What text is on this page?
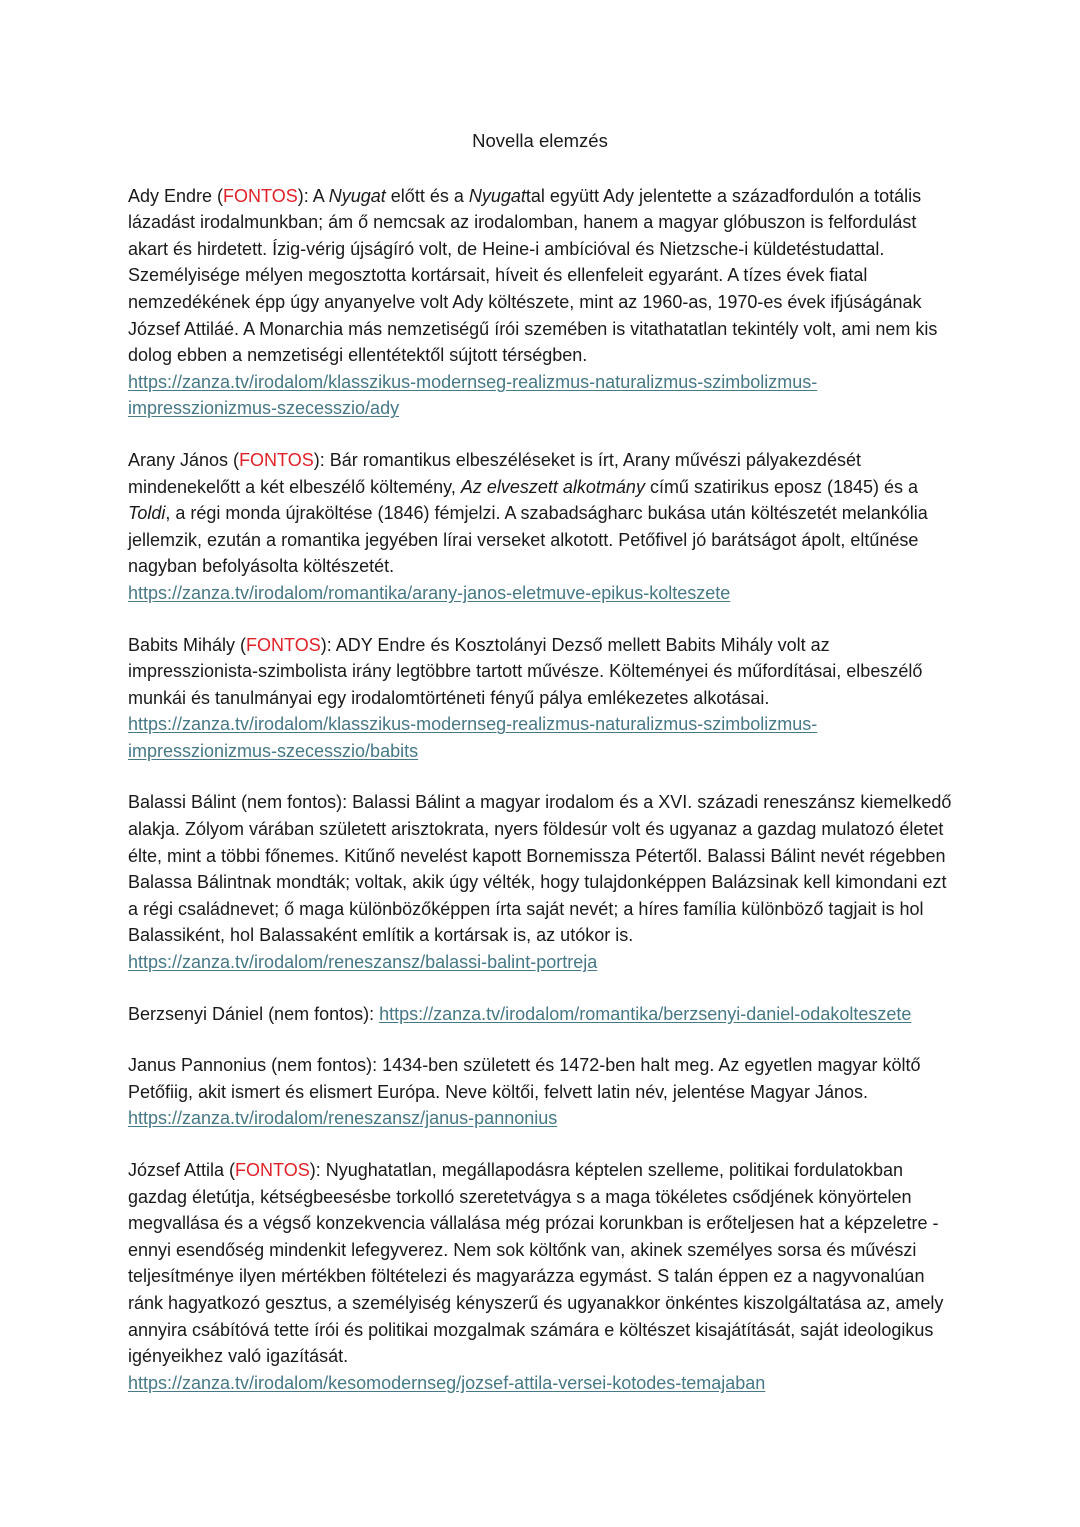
Novella elemzés

Ady Endre (FONTOS): A Nyugat előtt és a Nyugattal együtt Ady jelentette a századfordulón a totális lázadást irodalmunkban; ám ő nemcsak az irodalomban, hanem a magyar glóbuszon is felfordulást akart és hirdetett. Ízig-vérig újságíró volt, de Heine-i ambícióval és Nietzsche-i küldetéstudattal. Személyisége mélyen megosztotta kortársait, híveit és ellenfeleit egyaránt. A tízes évek fiatal nemzedékének épp úgy anyanyelve volt Ady költészete, mint az 1960-as, 1970-es évek ifjúságának József Attiláé. A Monarchia más nemzetiségű írói szemében is vitathatatlan tekintély volt, ami nem kis dolog ebben a nemzetiségi ellentétektől sújtott térségben.
https://zanza.tv/irodalom/klasszikus-modernseg-realizmus-naturalizmus-szimbolizmus-impresszionizmus-szecesszio/ady

Arany János (FONTOS): Bár romantikus elbeszéléseket is írt, Arany művészi pályakezdését mindenekelőtt a két elbeszélő költemény, Az elveszett alkotmány című szatirikus eposz (1845) és a Toldi, a régi monda újraköltése (1846) fémjelzi. A szabadságharc bukása után költészetét melankólia jellemzik, ezután a romantika jegyében lírai verseket alkotott. Petőfivel jó barátságot ápolt, eltűnése nagyban befolyásolta költészetét.
https://zanza.tv/irodalom/romantika/arany-janos-eletmuve-epikus-kolteszete

Babits Mihály (FONTOS): ADY Endre és Kosztolányi Dezső mellett Babits Mihály volt az impresszionista-szimbolista irány legtöbbre tartott művésze. Költeményei és műfordításai, elbeszélő munkái és tanulmányai egy irodalomtörténeti fényű pálya emlékezetes alkotásai.
https://zanza.tv/irodalom/klasszikus-modernseg-realizmus-naturalizmus-szimbolizmus-impresszionizmus-szecesszio/babits

Balassi Bálint (nem fontos): Balassi Bálint a magyar irodalom és a XVI. századi reneszánsz kiemelkedő alakja. Zólyom várában született arisztokrata, nyers földesúr volt és ugyanaz a gazdag mulatozó életet élte, mint a többi főnemes. Kitűnő nevelést kapott Bornemissza Pétertől. Balassi Bálint nevét régebben Balassa Bálintnak mondták; voltak, akik úgy vélték, hogy tulajdonképpen Balázsinak kell kimondani ezt a régi családnevet; ő maga különbözőképpen írta saját nevét; a híres família különböző tagjait is hol Balassiként, hol Balassaként említik a kortársak is, az utókor is.
https://zanza.tv/irodalom/reneszansz/balassi-balint-portreja

Berzsenyi Dániel (nem fontos): https://zanza.tv/irodalom/romantika/berzsenyi-daniel-odakolteszete

Janus Pannonius (nem fontos): 1434-ben született és 1472-ben halt meg. Az egyetlen magyar költő Petőfiig, akit ismert és elismert Európa. Neve költői, felvett latin név, jelentése Magyar János.
https://zanza.tv/irodalom/reneszansz/janus-pannonius

József Attila (FONTOS): Nyughatatlan, megállapodásra képtelen szelleme, politikai fordulatokban gazdag életútja, kétségbeesésbe torkolló szeretetvágya s a maga tökéletes csődjének könyörtelen megvallása és a végső konzekvencia vállalása még prózai korunkban is erőteljesen hat a képzeletre - ennyi esendőség mindenkit lefegyverez. Nem sok költőnk van, akinek személyes sorsa és művészi teljesítménye ilyen mértékben föltételezi és magyarázza egymást. S talán éppen ez a nagyvonalúan ránk hagyatkozó gesztus, a személyiség kényszerű és ugyanakkor önkéntes kiszolgáltatása az, amely annyira csábítóvá tette írói és politikai mozgalmak számára e költészet kisajátítását, saját ideologikus igényeikhez való igazítását.
https://zanza.tv/irodalom/kesomodernseg/jozsef-attila-versei-kotodes-temajaban
